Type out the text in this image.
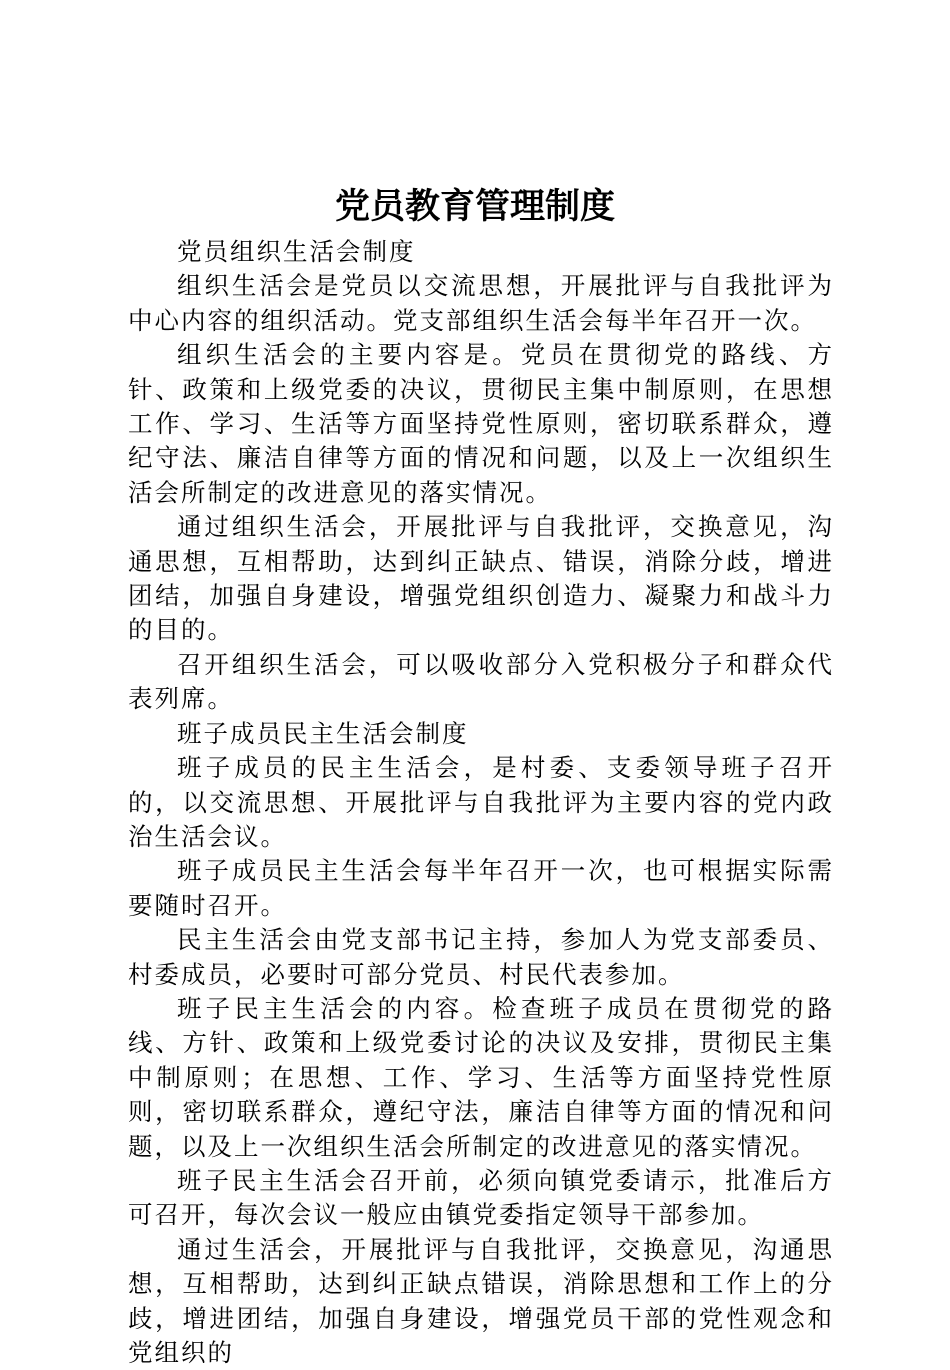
党员教育管理制度

党员组织生活会制度

组织生活会是党员以交流思想，开展批评与自我批评为中心内容的组织活动。党支部组织生活会每半年召开一次。

组织生活会的主要内容是。党员在贯彻党的路线、方针、政策和上级党委的决议，贯彻民主集中制原则，在思想工作、学习、生活等方面坚持党性原则，密切联系群众，遵纪守法、廉洁自律等方面的情况和问题，以及上一次组织生活会所制定的改进意见的落实情况。

通过组织生活会，开展批评与自我批评，交换意见，沟通思想，互相帮助，达到纠正缺点、错误，消除分歧，增进团结，加强自身建设，增强党组织创造力、凝聚力和战斗力的目的。

召开组织生活会，可以吸收部分入党积极分子和群众代表列席。

班子成员民主生活会制度

班子成员的民主生活会，是村委、支委领导班子召开的，以交流思想、开展批评与自我批评为主要内容的党内政治生活会议。

班子成员民主生活会每半年召开一次，也可根据实际需要随时召开。

民主生活会由党支部书记主持，参加人为党支部委员、村委成员，必要时可部分党员、村民代表参加。

班子民主生活会的内容。检查班子成员在贯彻党的路线、方针、政策和上级党委讨论的决议及安排，贯彻民主集中制原则；在思想、工作、学习、生活等方面坚持党性原则，密切联系群众，遵纪守法，廉洁自律等方面的情况和问题，以及上一次组织生活会所制定的改进意见的落实情况。

班子民主生活会召开前，必须向镇党委请示，批准后方可召开，每次会议一般应由镇党委指定领导干部参加。

通过生活会，开展批评与自我批评，交换意见，沟通思想，互相帮助，达到纠正缺点错误，消除思想和工作上的分歧，增进团结，加强自身建设，增强党员干部的党性观念和党组织的
